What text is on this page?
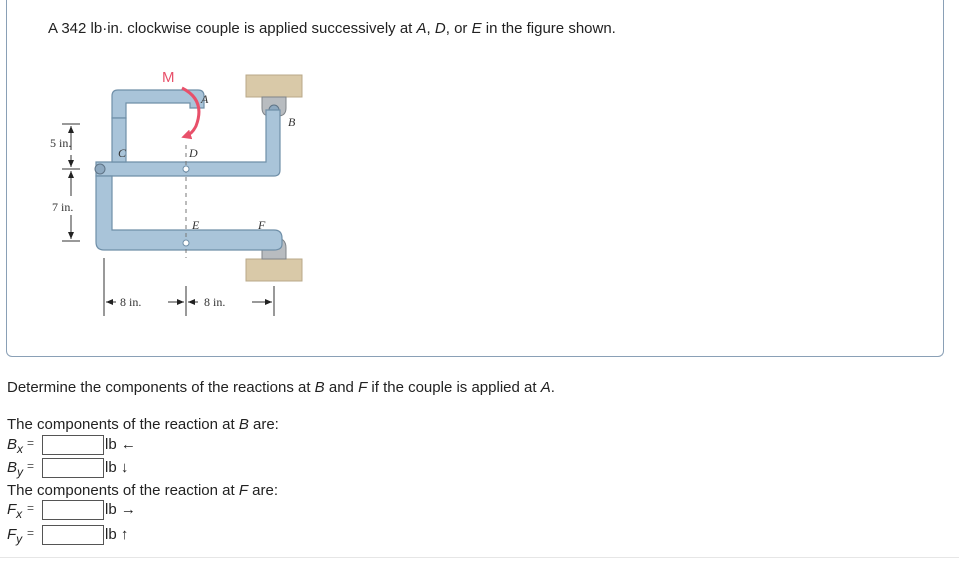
A 342 lb·in. clockwise couple is applied successively at A, D, or E in the figure shown.
M
A
B
C	D
E	F
5 in.
7 in.
8 in.	8 in.
Determine the components of the reactions at B and F if the couple is applied at A.
The components of the reaction at B are:
$B_x$ =	lb ←
$B_y$ =	lb ↓
The components of the reaction at F are:
$F_x$ =	lb →
$F_y$ =	lb ↑
